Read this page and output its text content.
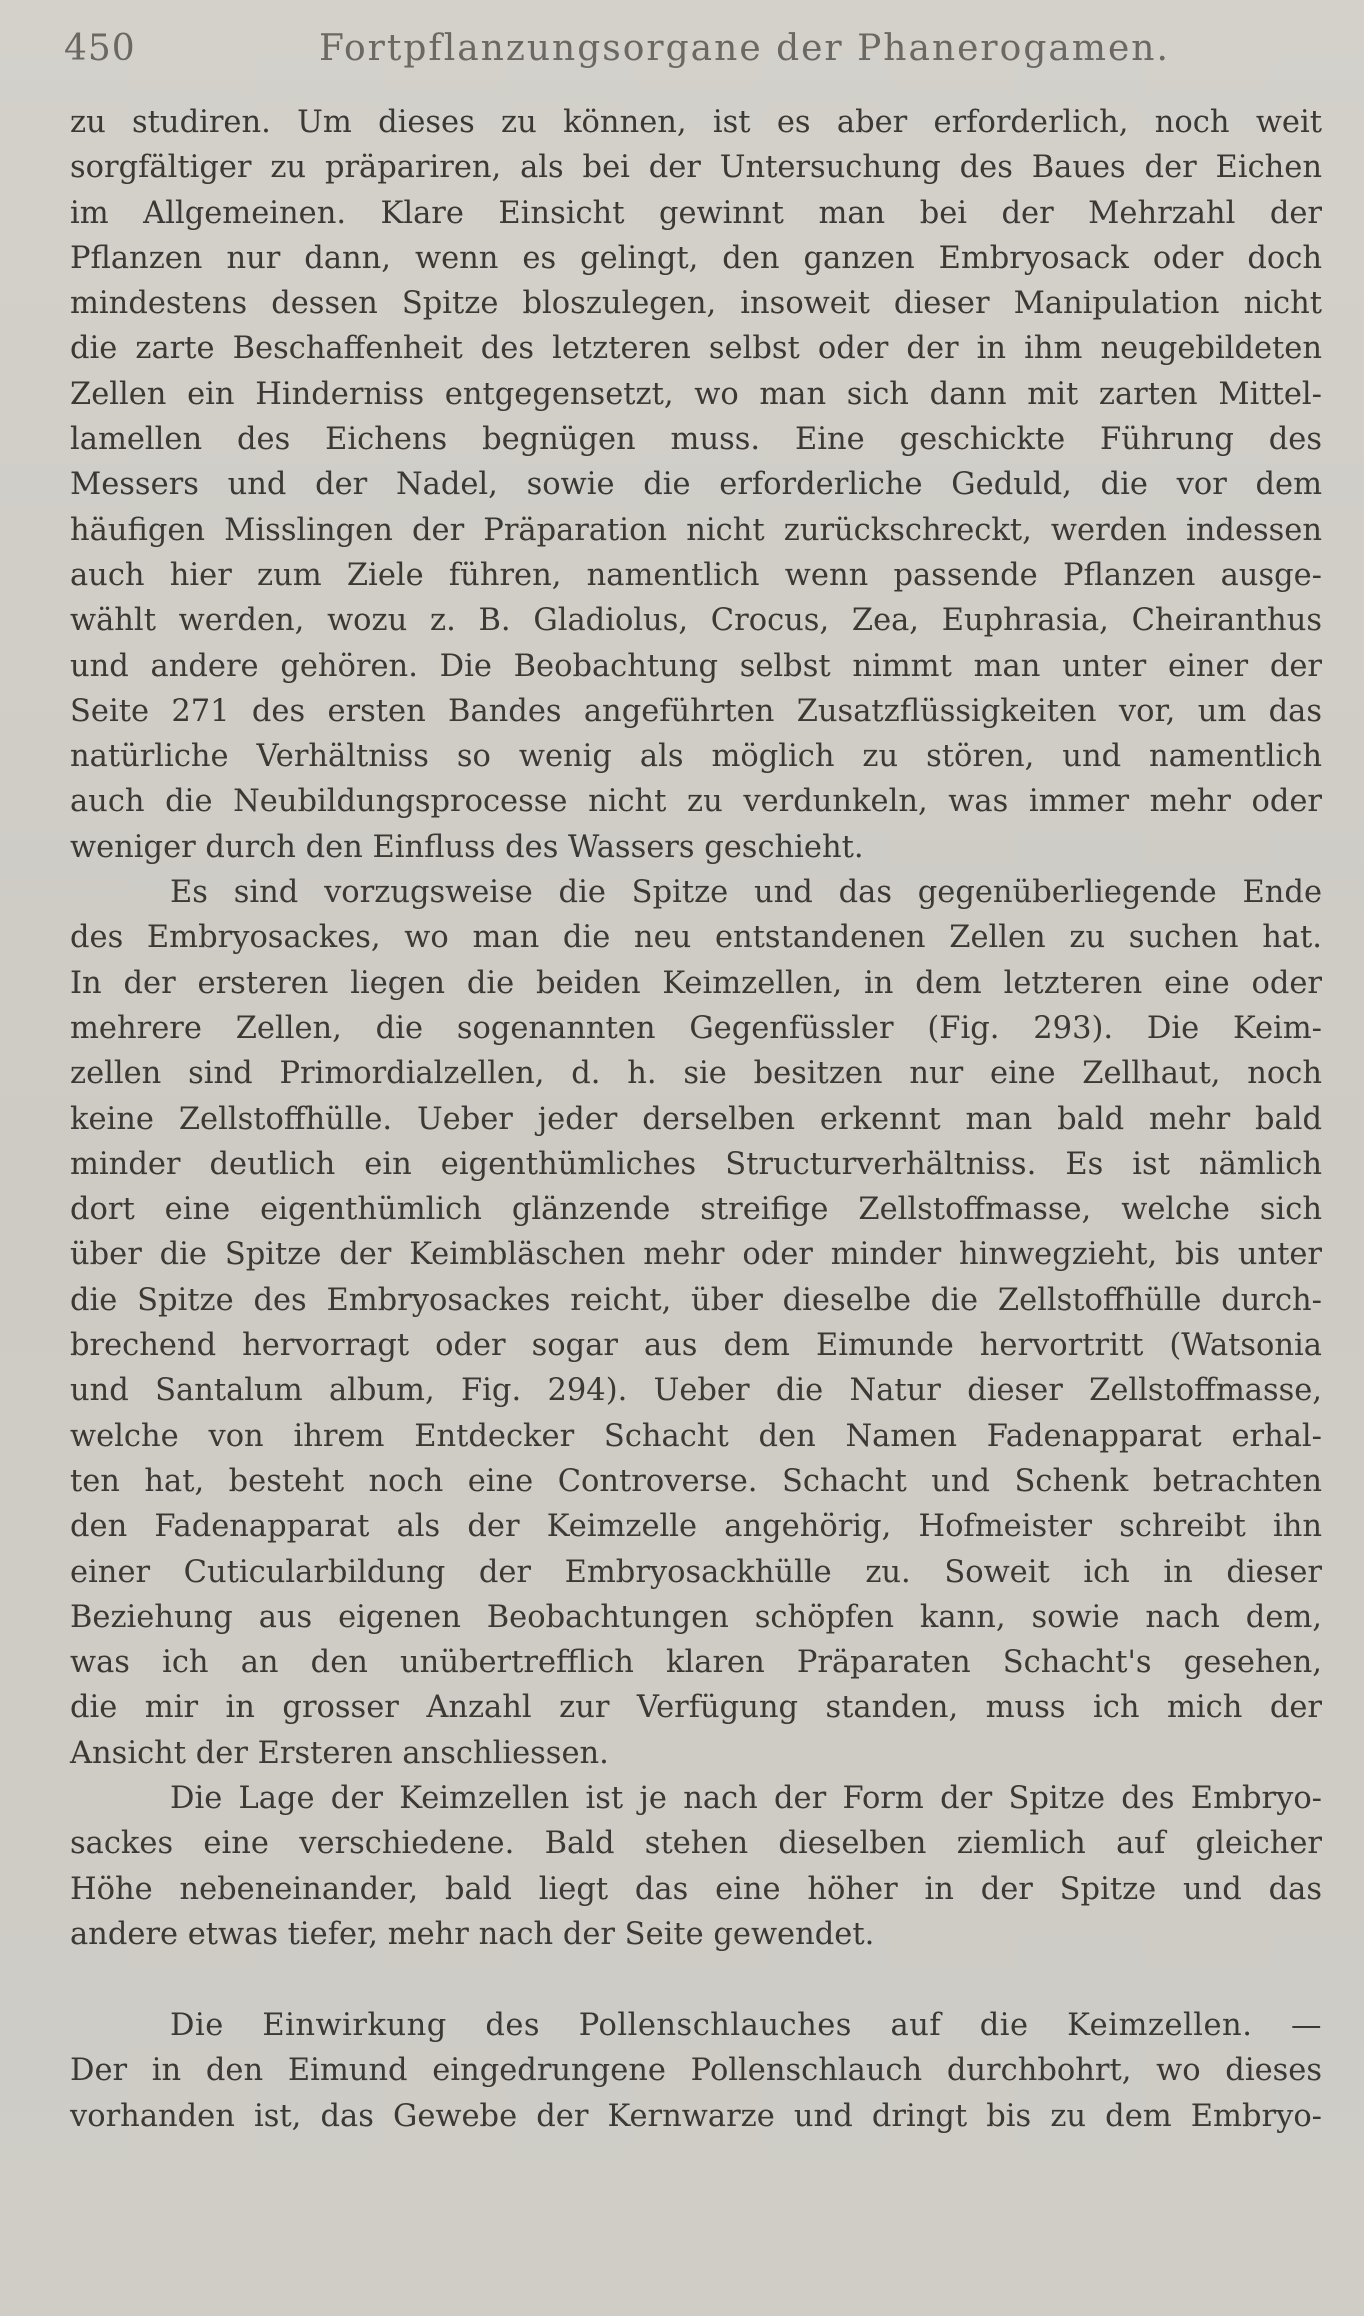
450	Fortpflanzungsorgane der Phanerogamen.

zu studiren. Um dieses zu können, ist es aber erforderlich, noch weit
sorgfältiger zu präpariren, als bei der Untersuchung des Baues der Eichen
im Allgemeinen. Klare Einsicht gewinnt man bei der Mehrzahl der
Pflanzen nur dann, wenn es gelingt, den ganzen Embryosack oder doch
mindestens dessen Spitze bloszulegen, insoweit dieser Manipulation nicht
die zarte Beschaffenheit des letzteren selbst oder der in ihm neugebildeten
Zellen ein Hinderniss entgegensetzt, wo man sich dann mit zarten Mittel-
lamellen des Eichens begnügen muss. Eine geschickte Führung des
Messers und der Nadel, sowie die erforderliche Geduld, die vor dem
häufigen Misslingen der Präparation nicht zurückschreckt, werden indessen
auch hier zum Ziele führen, namentlich wenn passende Pflanzen ausge-
wählt werden, wozu z. B. Gladiolus, Crocus, Zea, Euphrasia, Cheiranthus
und andere gehören. Die Beobachtung selbst nimmt man unter einer der
Seite 271 des ersten Bandes angeführten Zusatzflüssigkeiten vor, um das
natürliche Verhältniss so wenig als möglich zu stören, und namentlich
auch die Neubildungsprocesse nicht zu verdunkeln, was immer mehr oder
weniger durch den Einfluss des Wassers geschieht.

Es sind vorzugsweise die Spitze und das gegenüberliegende Ende
des Embryosackes, wo man die neu entstandenen Zellen zu suchen hat.
In der ersteren liegen die beiden Keimzellen, in dem letzteren eine oder
mehrere Zellen, die sogenannten Gegenfüssler (Fig. 293). Die Keim-
zellen sind Primordialzellen, d. h. sie besitzen nur eine Zellhaut, noch
keine Zellstoffhülle. Ueber jeder derselben erkennt man bald mehr bald
minder deutlich ein eigenthümliches Structurverhältniss. Es ist nämlich
dort eine eigenthümlich glänzende streifige Zellstoffmasse, welche sich
über die Spitze der Keimbläschen mehr oder minder hinwegzieht, bis unter
die Spitze des Embryosackes reicht, über dieselbe die Zellstoffhülle durch-
brechend hervorragt oder sogar aus dem Eimunde hervortritt (Watsonia
und Santalum album, Fig. 294). Ueber die Natur dieser Zellstoffmasse,
welche von ihrem Entdecker Schacht den Namen Fadenapparat erhal-
ten hat, besteht noch eine Controverse. Schacht und Schenk betrachten
den Fadenapparat als der Keimzelle angehörig, Hofmeister schreibt ihn
einer Cuticularbildung der Embryosackhülle zu. Soweit ich in dieser
Beziehung aus eigenen Beobachtungen schöpfen kann, sowie nach dem,
was ich an den unübertrefflich klaren Präparaten Schacht's gesehen,
die mir in grosser Anzahl zur Verfügung standen, muss ich mich der
Ansicht der Ersteren anschliessen.

Die Lage der Keimzellen ist je nach der Form der Spitze des Embryo-
sackes eine verschiedene. Bald stehen dieselben ziemlich auf gleicher
Höhe nebeneinander, bald liegt das eine höher in der Spitze und das
andere etwas tiefer, mehr nach der Seite gewendet.

Die Einwirkung des Pollenschlauches auf die Keimzellen. —
Der in den Eimund eingedrungene Pollenschlauch durchbohrt, wo dieses
vorhanden ist, das Gewebe der Kernwarze und dringt bis zu dem Embryo-
